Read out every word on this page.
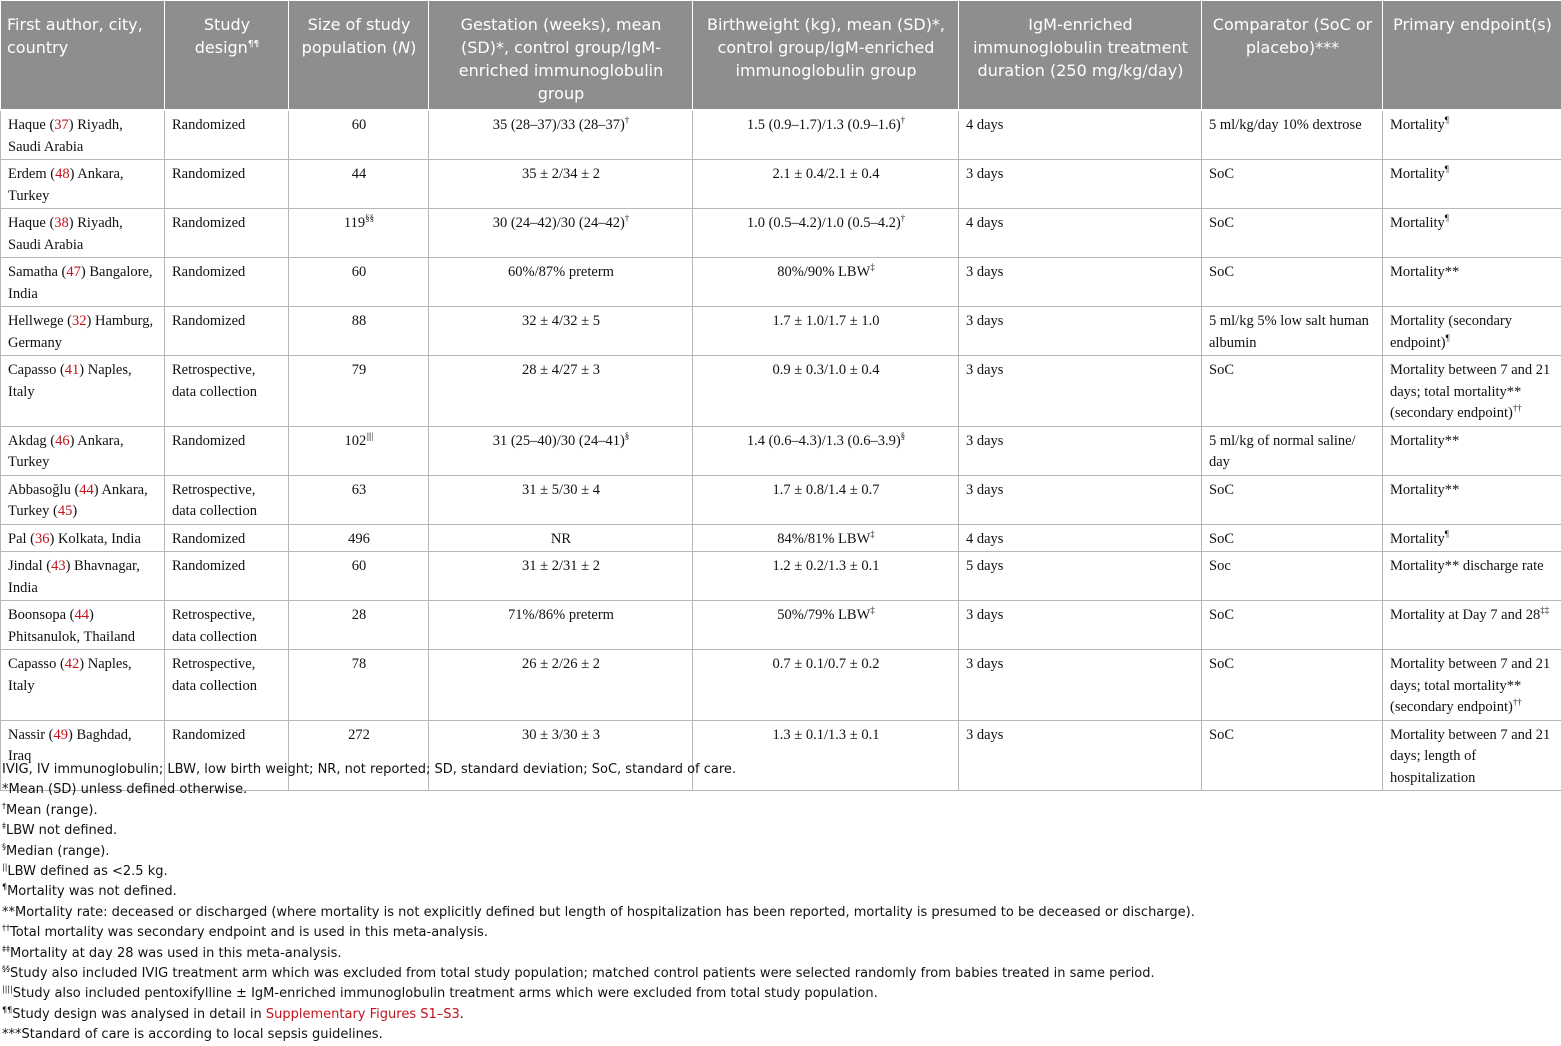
First author, city, country	Study design¶¶	Size of study population (N)	Gestation (weeks), mean (SD)*, control group/IgM-enriched immunoglobulin group	Birthweight (kg), mean (SD)*, control group/IgM-enriched immunoglobulin group	IgM-enriched immunoglobulin treatment duration (250 mg/kg/day)	Comparator (SoC or placebo)***	Primary endpoint(s)
Haque (37) Riyadh, Saudi Arabia	Randomized	60	35 (28–37)/33 (28–37)†	1.5 (0.9–1.7)/1.3 (0.9–1.6)†	4 days	5 ml/kg/day 10% dextrose	Mortality¶
Erdem (48) Ankara, Turkey	Randomized	44	35 ± 2/34 ± 2	2.1 ± 0.4/2.1 ± 0.4	3 days	SoC	Mortality¶
Haque (38) Riyadh, Saudi Arabia	Randomized	119§§	30 (24–42)/30 (24–42)†	1.0 (0.5–4.2)/1.0 (0.5–4.2)†	4 days	SoC	Mortality¶
Samatha (47) Bangalore, India	Randomized	60	60%/87% preterm	80%/90% LBW‡	3 days	SoC	Mortality**
Hellwege (32) Hamburg, Germany	Randomized	88	32 ± 4/32 ± 5	1.7 ± 1.0/1.7 ± 1.0	3 days	5 ml/kg 5% low salt human albumin	Mortality (secondary endpoint)¶
Capasso (41) Naples, Italy	Retrospective, data collection	79	28 ± 4/27 ± 3	0.9 ± 0.3/1.0 ± 0.4	3 days	SoC	Mortality between 7 and 21 days; total mortality** (secondary endpoint)††
Akdag (46) Ankara, Turkey	Randomized	102||||	31 (25–40)/30 (24–41)§	1.4 (0.6–4.3)/1.3 (0.6–3.9)§	3 days	5 ml/kg of normal saline/ day	Mortality**
Abbasoğlu (44) Ankara, Turkey (45)	Retrospective, data collection	63	31 ± 5/30 ± 4	1.7 ± 0.8/1.4 ± 0.7	3 days	SoC	Mortality**
Pal (36) Kolkata, India	Randomized	496	NR	84%/81% LBW‡	4 days	SoC	Mortality¶
Jindal (43) Bhavnagar, India	Randomized	60	31 ± 2/31 ± 2	1.2 ± 0.2/1.3 ± 0.1	5 days	Soc	Mortality** discharge rate
Boonsopa (44) Phitsanulok, Thailand	Retrospective, data collection	28	71%/86% preterm	50%/79% LBW‡	3 days	SoC	Mortality at Day 7 and 28‡‡
Capasso (42) Naples, Italy	Retrospective, data collection	78	26 ± 2/26 ± 2	0.7 ± 0.1/0.7 ± 0.2	3 days	SoC	Mortality between 7 and 21 days; total mortality** (secondary endpoint)††
Nassir (49) Baghdad, Iraq	Randomized	272	30 ± 3/30 ± 3	1.3 ± 0.1/1.3 ± 0.1	3 days	SoC	Mortality between 7 and 21 days; length of hospitalization
IVIG, IV immunoglobulin; LBW, low birth weight; NR, not reported; SD, standard deviation; SoC, standard of care.
*Mean (SD) unless defined otherwise.
†Mean (range).
‡LBW not defined.
§Median (range).
||LBW defined as <2.5 kg.
¶Mortality was not defined.
**Mortality rate: deceased or discharged (where mortality is not explicitly defined but length of hospitalization has been reported, mortality is presumed to be deceased or discharge).
††Total mortality was secondary endpoint and is used in this meta-analysis.
‡‡Mortality at day 28 was used in this meta-analysis.
§§Study also included IVIG treatment arm which was excluded from total study population; matched control patients were selected randomly from babies treated in same period.
||||Study also included pentoxifylline ± IgM-enriched immunoglobulin treatment arms which were excluded from total study population.
¶¶Study design was analysed in detail in Supplementary Figures S1–S3.
***Standard of care is according to local sepsis guidelines.
